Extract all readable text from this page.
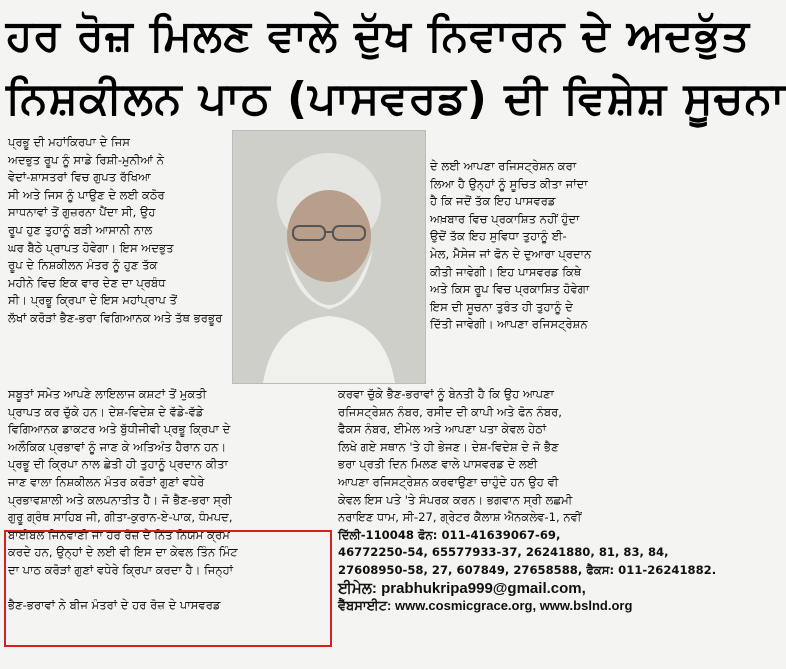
ਹਰ ਰੋਜ਼ ਮਿਲਣ ਵਾਲੇ ਦੁੱਖ ਨਿਵਾਰਨ ਦੇ ਅਦਭੁੱਤ
ਨਿਸ਼ਕੀਲਨ ਪਾਠ (ਪਾਸਵਰਡ) ਦੀ ਵਿਸ਼ੇਸ਼ ਸੂਚਨਾ
ਪ੍ਰਭੂ ਦੀ ਮਹਾਂਕਿਰਪਾ ਦੇ ਜਿਸ
ਅਦਭੁਤ ਰੂਪ ਨੂੰ ਸਾਡੇ ਰਿਸ਼ੀ-ਮੁਨੀਆਂ ਨੇ
ਵੇਦਾਂ-ਸ਼ਾਸਤਰਾਂ ਵਿਚ ਗੁਪਤ ਰੱਖਿਆ
ਸੀ ਅਤੇ ਜਿਸ ਨੂੰ ਪਾਉਣ ਦੇ ਲਈ ਕਠੋਰ
ਸਾਧਨਾਵਾਂ ਤੋਂ ਗੁਜ਼ਰਨਾ ਪੈਂਦਾ ਸੀ, ਉਹ
ਰੂਪ ਹੁਣ ਤੁਹਾਨੂੰ ਬੜੀ ਆਸਾਨੀ ਨਾਲ
ਘਰ ਬੈਠੇ ਪ੍ਰਾਪਤ ਹੋਵੇਗਾ। ਇਸ ਅਦਭੁਤ
ਰੂਪ ਦੇ ਨਿਸ਼ਕੀਲਨ ਮੰਤਰ ਨੂੰ ਹੁਣ ਤੱਕ
ਮਹੀਨੇ ਵਿਚ ਇਕ ਵਾਰ ਦੇਣ ਦਾ ਪ੍ਰਬੰਧ
ਸੀ। ਪ੍ਰਭੂ ਕ੍ਰਿਪਾ ਦੇ ਇਸ ਮਹਾਂਪ੍ਰਾਪ ਤੋਂ
ਲੱਖਾਂ ਕਰੋੜਾਂ ਭੈਣ-ਭਰਾ ਵਿਗਿਆਨਕ ਅਤੇ ਤੱਥ ਭਰਭੂਰ
ਦੇ ਲਈ ਆਪਣਾ ਰਜਿਸਟ੍ਰੇਸ਼ਨ ਕਰਾ
ਲਿਆ ਹੈ ਉਨ੍ਹਾਂ ਨੂੰ ਸੂਚਿਤ ਕੀਤਾ ਜਾਂਦਾ
ਹੈ ਕਿ ਜਦੋਂ ਤੱਕ ਇਹ ਪਾਸਵਰਡ
ਅਖ਼ਬਾਰ ਵਿਚ ਪ੍ਰਕਾਸ਼ਿਤ ਨਹੀਂ ਹੁੰਦਾ
ਉਦੋਂ ਤੱਕ ਇਹ ਸੁਵਿਧਾ ਤੁਹਾਨੂੰ ਈ-
ਮੇਲ, ਮੈਸੇਜ ਜਾਂ ਫੋਨ ਦੇ ਦੁਆਰਾ ਪ੍ਰਦਾਨ
ਕੀਤੀ ਜਾਵੇਗੀ। ਇਹ ਪਾਸਵਰਡ ਕਿਥੇ
ਅਤੇ ਕਿਸ ਰੂਪ ਵਿਚ ਪ੍ਰਕਾਸ਼ਿਤ ਹੋਵੇਗਾ
ਇਸ ਦੀ ਸੂਚਨਾ ਤੁਰੰਤ ਹੀ ਤੁਹਾਨੂੰ ਦੇ
ਦਿੱਤੀ ਜਾਵੇਗੀ। ਆਪਣਾ ਰਜਿਸਟ੍ਰੇਸ਼ਨ
ਸਬੂਤਾਂ ਸਮੇਤ ਆਪਣੇ ਲਾਇਲਾਜ ਕਸ਼ਟਾਂ ਤੋਂ ਮੁਕਤੀ	ਕਰਵਾ ਚੁੱਕੇ ਭੈਣ-ਭਰਾਵਾਂ ਨੂੰ ਬੇਨਤੀ ਹੈ ਕਿ ਉਹ ਆਪਣਾ
ਪ੍ਰਾਪਤ ਕਰ ਚੁੱਕੇ ਹਨ। ਦੇਸ਼-ਵਿਦੇਸ਼ ਦੇ ਵੱਡੇ-ਵੱਡੇ	ਰਜਿਸਟ੍ਰੇਸ਼ਨ ਨੰਬਰ, ਰਸੀਦ ਦੀ ਕਾਪੀ ਅਤੇ ਫੋਨ ਨੰਬਰ,
ਵਿਗਿਆਨਕ ਡਾਕਟਰ ਅਤੇ ਬੁੱਧੀਜੀਵੀ ਪ੍ਰਭੂ ਕ੍ਰਿਪਾ ਦੇ	ਫੈਕਸ ਨੰਬਰ, ਈਮੇਲ ਅਤੇ ਆਪਣਾ ਪਤਾ ਕੇਵਲ ਹੇਠਾਂ
ਅਲੌਕਿਕ ਪ੍ਰਭਾਵਾਂ ਨੂੰ ਜਾਣ ਕੇ ਅਤਿਅੰਤ ਹੈਰਾਨ ਹਨ।	ਲਿਖੇ ਗਏ ਸਥਾਨ 'ਤੇ ਹੀ ਭੇਜਣ। ਦੇਸ਼-ਵਿਦੇਸ਼ ਦੇ ਜੋ ਭੈਣ
ਪ੍ਰਭੂ ਦੀ ਕ੍ਰਿਪਾ ਨਾਲ ਛੇਤੀ ਹੀ ਤੁਹਾਨੂੰ ਪ੍ਰਦਾਨ ਕੀਤਾ	ਭਰਾ ਪ੍ਰਤੀ ਦਿਨ ਮਿਲਣ ਵਾਲੇ ਪਾਸਵਰਡ ਦੇ ਲਈ
ਜਾਣ ਵਾਲਾ ਨਿਸ਼ਕੀਲਨ ਮੰਤਰ ਕਰੋੜਾਂ ਗੁਣਾਂ ਵਧੇਰੇ	ਆਪਣਾ ਰਜਿਸਟ੍ਰੇਸ਼ਨ ਕਰਵਾਉਣਾ ਚਾਹੁੰਦੇ ਹਨ ਉਹ ਵੀ
ਪ੍ਰਭਾਵਸ਼ਾਲੀ ਅਤੇ ਕਲਪਨਾਤੀਤ ਹੈ। ਜੋ ਭੈਣ-ਭਰਾ ਸ੍ਰੀ	ਕੇਵਲ ਇਸ ਪਤੇ 'ਤੇ ਸੰਪਰਕ ਕਰਨ। ਭਗਵਾਨ ਸ੍ਰੀ ਲਛਮੀ
ਗੁਰੂ ਗ੍ਰੰਥ ਸਾਹਿਬ ਜੀ, ਗੀਤਾ-ਕੁਰਾਨ-ਏ-ਪਾਕ, ਧੰਮਪਦ,	ਨਰਾਇਣ ਧਾਮ, ਸੀ-27, ਗ੍ਰੇਟਰ ਕੈਲਾਸ਼ ਐਨਕਲੇਵ-1, ਨਵੀਂ
ਬਾਈਬਲ ਜਿਨਵਾਣੀ ਜਾਂ ਹਰ ਰੋਜ਼ ਦੇ ਨਿੱਤ ਨਿਯਮ ਕ੍ਰਮ	ਦਿੱਲੀ-110048 ਫੋਨ: 011-41639067-69,
ਕਰਦੇ ਹਨ, ਉਨ੍ਹਾਂ ਦੇ ਲਈ ਵੀ ਇਸ ਦਾ ਕੇਵਲ ਤਿੰਨ ਮਿੰਟ	46772250-54, 65577933-37, 26241880, 81, 83, 84,
ਦਾ ਪਾਠ ਕਰੋੜਾਂ ਗੁਣਾਂ ਵਧੇਰੇ ਕ੍ਰਿਪਾ ਕਰਦਾ ਹੈ। ਜਿਨ੍ਹਾਂ	27608950-58, 27, 607849, 27658588, ਫੈਕਸ: 011-26241882.
ਈਮੇਲ: prabhukripa999@gmail.com,
ਭੈਣ-ਭਰਾਵਾਂ ਨੇ ਬੀਜ ਮੰਤਰਾਂ ਦੇ ਹਰ ਰੋਜ਼ ਦੇ ਪਾਸਵਰਡ	ਵੈੱਬਸਾਈਟ: www.cosmicgrace.org, www.bslnd.org
